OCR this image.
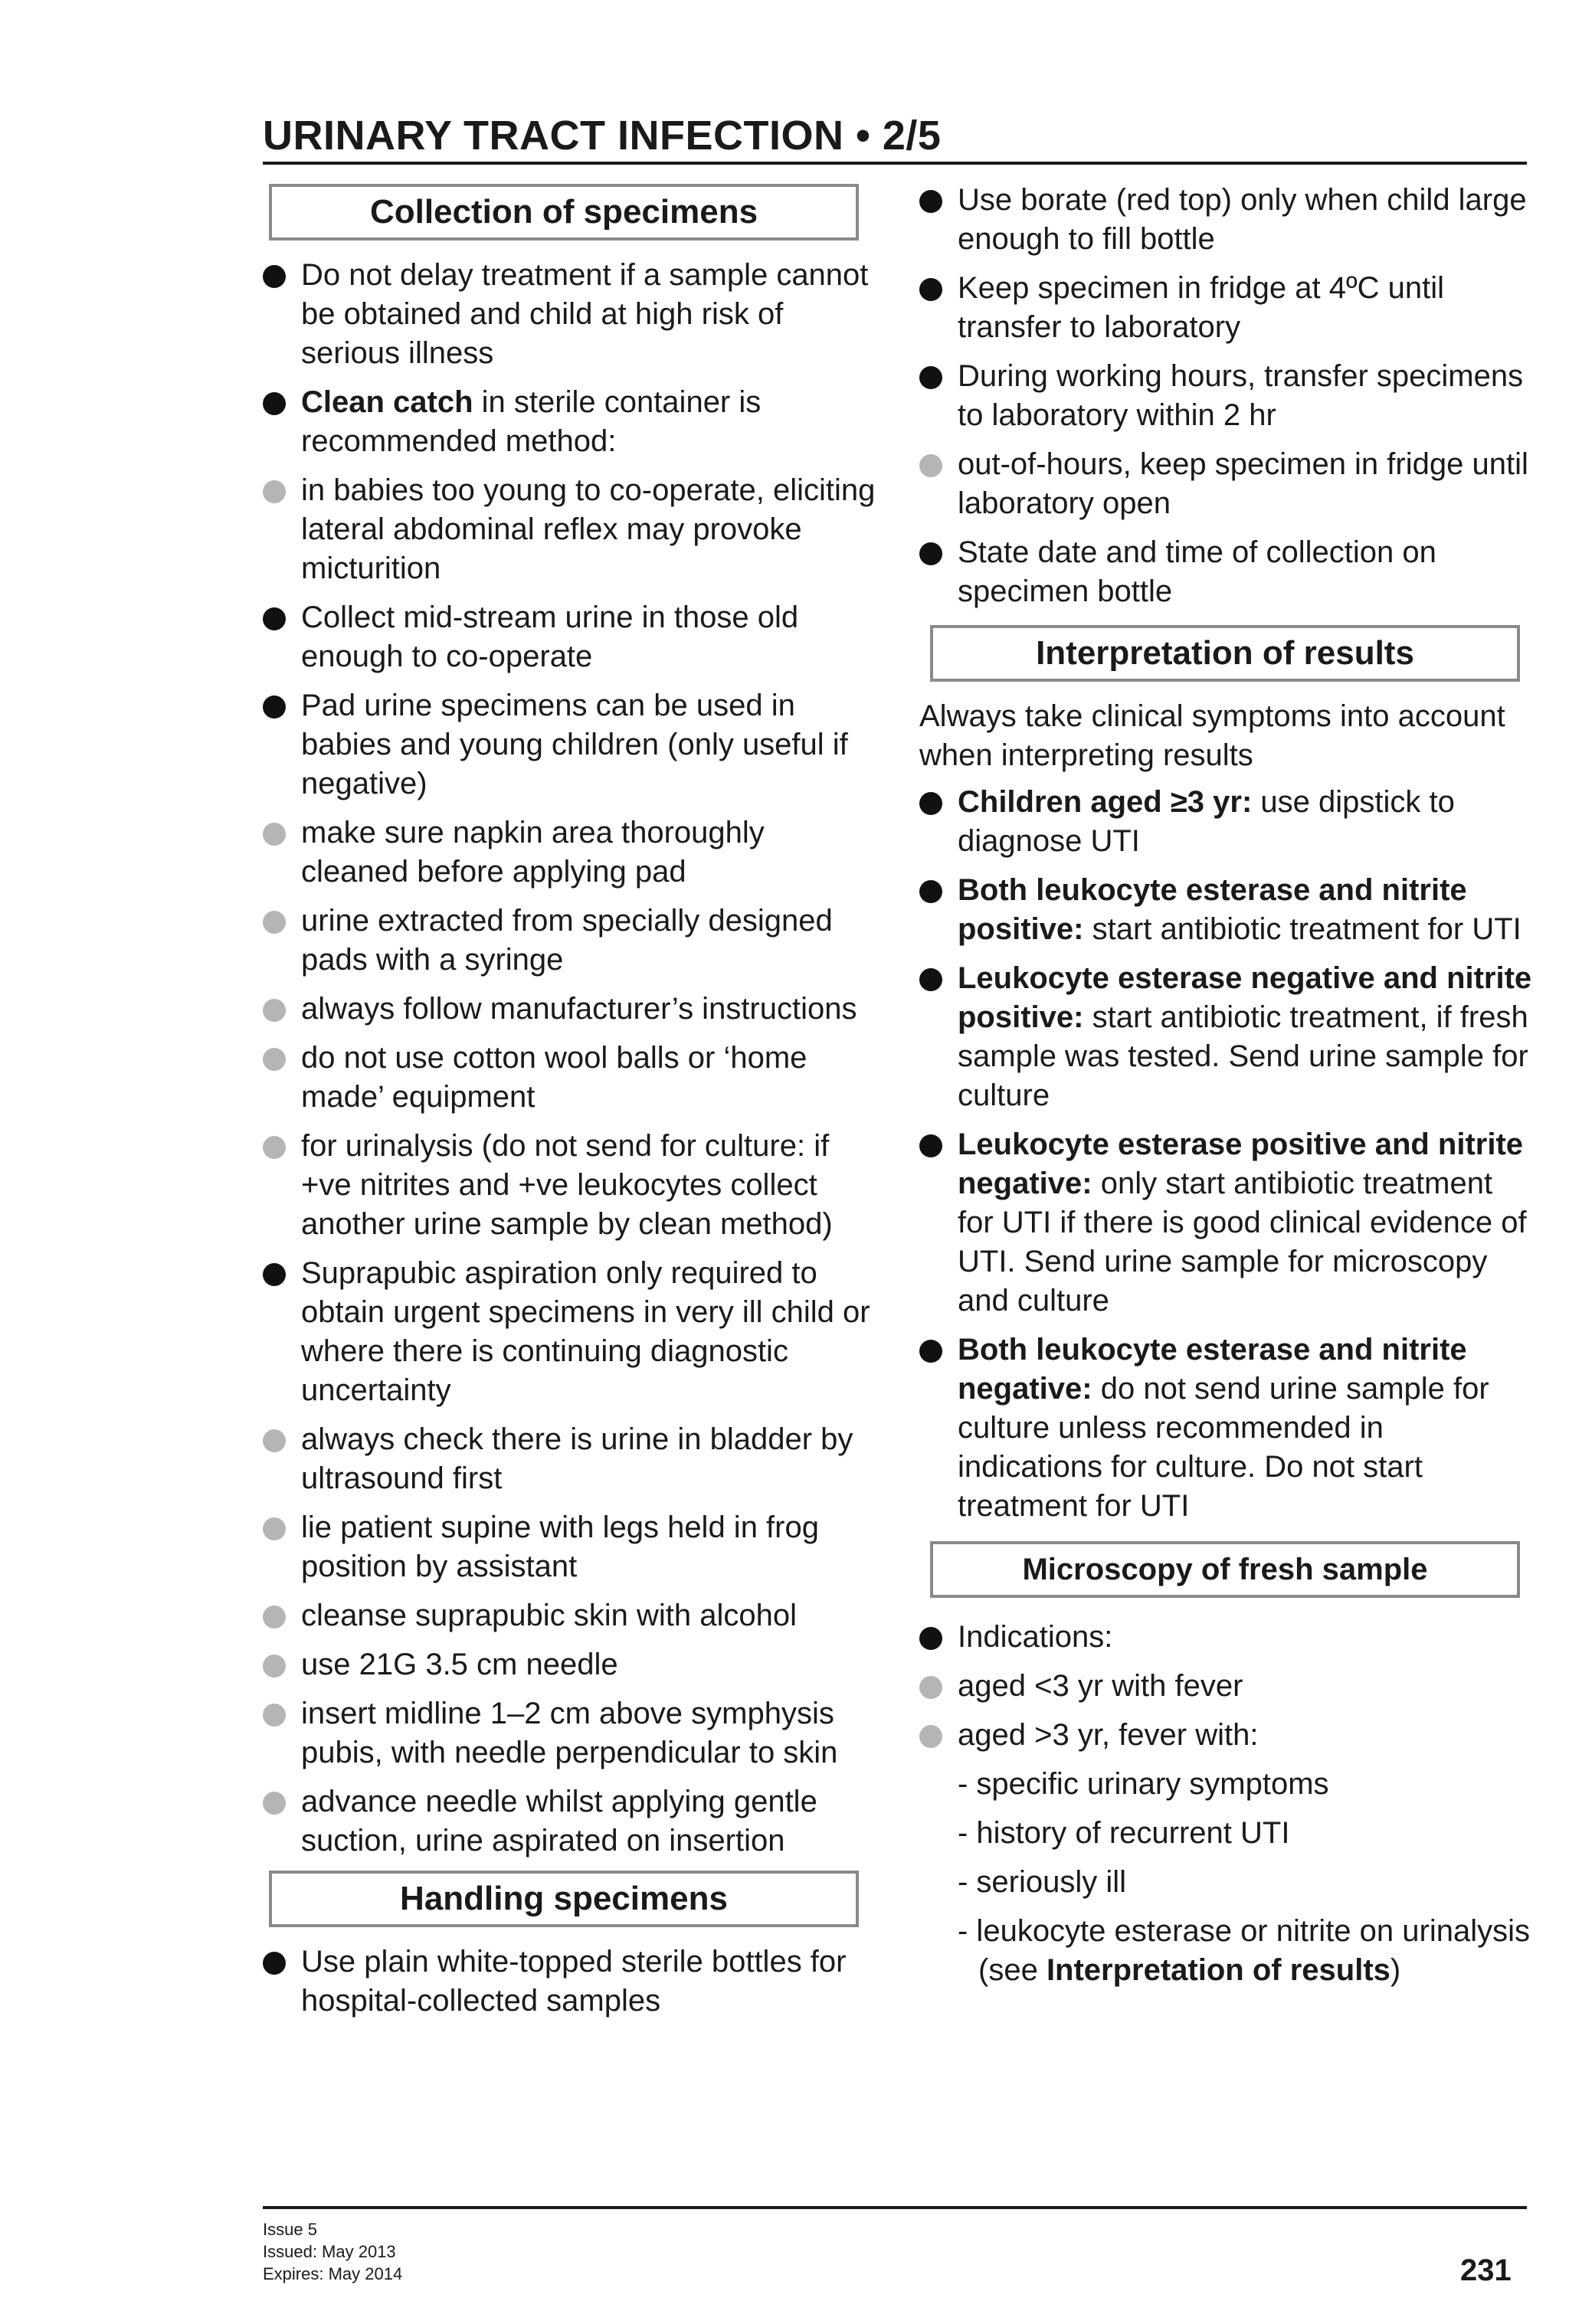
URINARY TRACT INFECTION • 2/5
Collection of specimens
Do not delay treatment if a sample cannot be obtained and child at high risk of serious illness
Clean catch in sterile container is recommended method:
in babies too young to co-operate, eliciting lateral abdominal reflex may provoke micturition
Collect mid-stream urine in those old enough to co-operate
Pad urine specimens can be used in babies and young children (only useful if negative)
make sure napkin area thoroughly cleaned before applying pad
urine extracted from specially designed pads with a syringe
always follow manufacturer’s instructions
do not use cotton wool balls or ‘home made’ equipment
for urinalysis (do not send for culture: if +ve nitrites and +ve leukocytes collect another urine sample by clean method)
Suprapubic aspiration only required to obtain urgent specimens in very ill child or where there is continuing diagnostic uncertainty
always check there is urine in bladder by ultrasound first
lie patient supine with legs held in frog position by assistant
cleanse suprapubic skin with alcohol
use 21G 3.5 cm needle
insert midline 1–2 cm above symphysis pubis, with needle perpendicular to skin
advance needle whilst applying gentle suction, urine aspirated on insertion
Handling specimens
Use plain white-topped sterile bottles for hospital-collected samples
Use borate (red top) only when child large enough to fill bottle
Keep specimen in fridge at 4ºC until transfer to laboratory
During working hours, transfer specimens to laboratory within 2 hr
out-of-hours, keep specimen in fridge until laboratory open
State date and time of collection on specimen bottle
Interpretation of results

Always take clinical symptoms into account when interpreting results

Children aged ≥3 yr: use dipstick to diagnose UTI
Both leukocyte esterase and nitrite positive: start antibiotic treatment for UTI
Leukocyte esterase negative and nitrite positive: start antibiotic treatment, if fresh sample was tested. Send urine sample for culture
Leukocyte esterase positive and nitrite negative: only start antibiotic treatment for UTI if there is good clinical evidence of UTI. Send urine sample for microscopy and culture
Both leukocyte esterase and nitrite negative: do not send urine sample for culture unless recommended in indications for culture. Do not start treatment for UTI
Microscopy of fresh sample
Indications:
aged <3 yr with fever
aged >3 yr, fever with:
- specific urinary symptoms
- history of recurrent UTI
- seriously ill
- leukocyte esterase or nitrite on urinalysis (see Interpretation of results)
Issue 5
Issued: May 2013
Expires: May 2014	231
